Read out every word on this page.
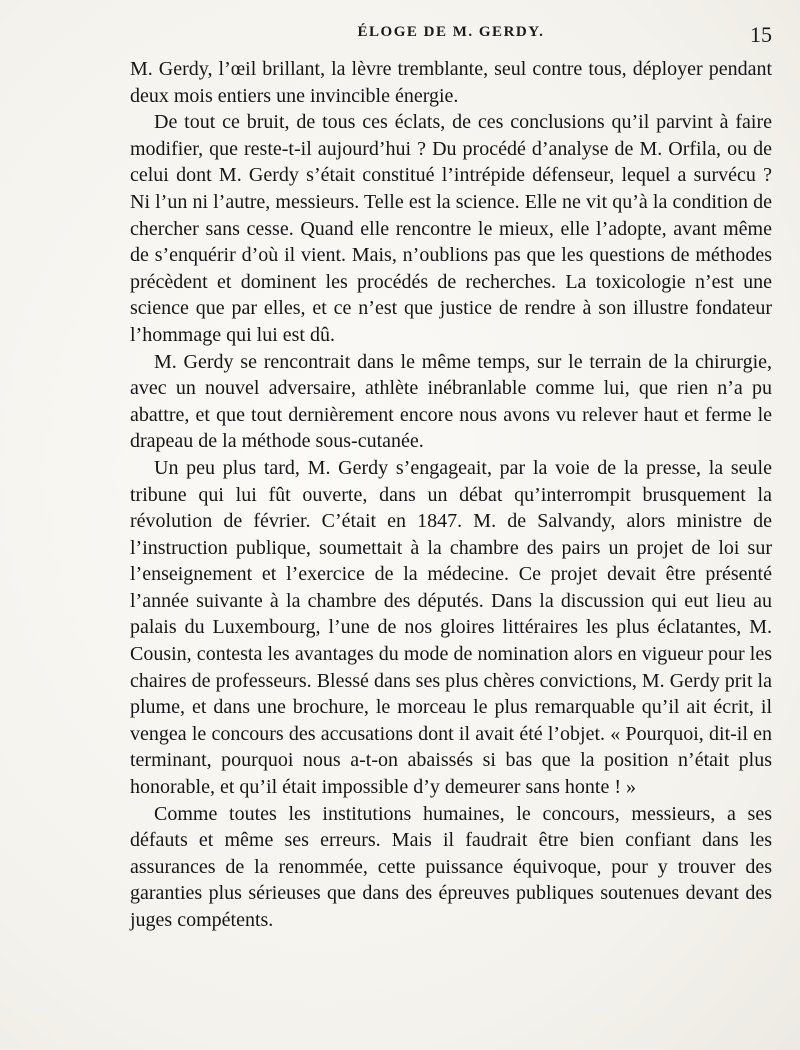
ÉLOGE DE M. GERDY.	15

M. Gerdy, l’œil brillant, la lèvre tremblante, seul contre tous, déployer pendant deux mois entiers une invincible énergie.

De tout ce bruit, de tous ces éclats, de ces conclusions qu’il parvint à faire modifier, que reste-t-il aujourd’hui ? Du procédé d’analyse de M. Orfila, ou de celui dont M. Gerdy s’était constitué l’intrépide défenseur, lequel a survécu ? Ni l’un ni l’autre, messieurs. Telle est la science. Elle ne vit qu’à la condition de chercher sans cesse. Quand elle rencontre le mieux, elle l’adopte, avant même de s’enquérir d’où il vient. Mais, n’oublions pas que les questions de méthodes précèdent et dominent les procédés de recherches. La toxicologie n’est une science que par elles, et ce n’est que justice de rendre à son illustre fondateur l’hommage qui lui est dû.

M. Gerdy se rencontrait dans le même temps, sur le terrain de la chirurgie, avec un nouvel adversaire, athlète inébranlable comme lui, que rien n’a pu abattre, et que tout dernièrement encore nous avons vu relever haut et ferme le drapeau de la méthode sous-cutanée.

Un peu plus tard, M. Gerdy s’engageait, par la voie de la presse, la seule tribune qui lui fût ouverte, dans un débat qu’interrompit brusquement la révolution de février. C’était en 1847. M. de Salvandy, alors ministre de l’instruction publique, soumettait à la chambre des pairs un projet de loi sur l’enseignement et l’exercice de la médecine. Ce projet devait être présenté l’année suivante à la chambre des députés. Dans la discussion qui eut lieu au palais du Luxembourg, l’une de nos gloires littéraires les plus éclatantes, M. Cousin, contesta les avantages du mode de nomination alors en vigueur pour les chaires de professeurs. Blessé dans ses plus chères convictions, M. Gerdy prit la plume, et dans une brochure, le morceau le plus remarquable qu’il ait écrit, il vengea le concours des accusations dont il avait été l’objet. « Pourquoi, dit-il en terminant, pourquoi nous a-t-on abaissés si bas que la position n’était plus honorable, et qu’il était impossible d’y demeurer sans honte ! »

Comme toutes les institutions humaines, le concours, messieurs, a ses défauts et même ses erreurs. Mais il faudrait être bien confiant dans les assurances de la renommée, cette puissance équivoque, pour y trouver des garanties plus sérieuses que dans des épreuves publiques soutenues devant des juges compétents.
